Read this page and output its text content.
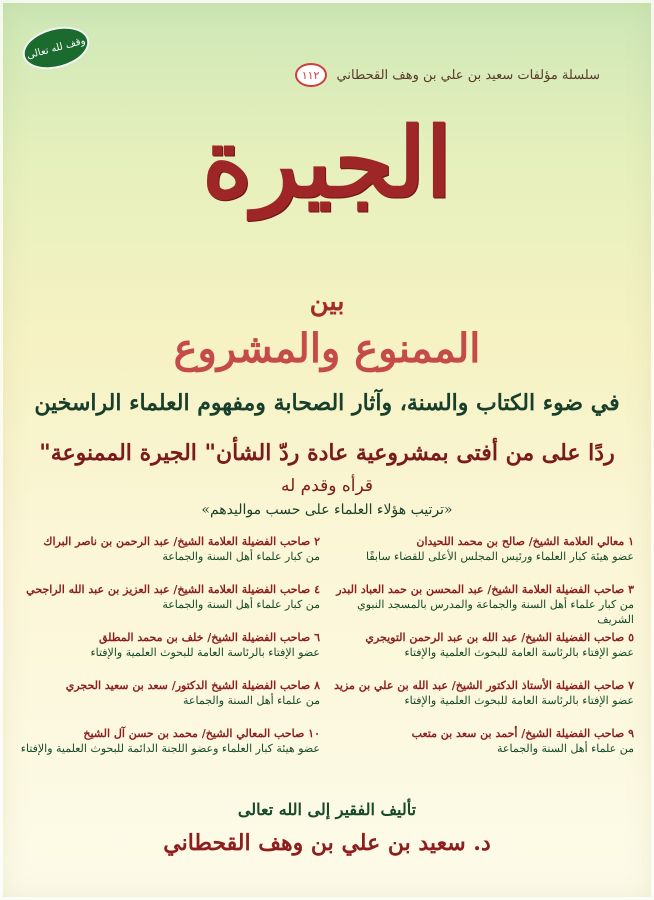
وقف لله تعالى
سلسلة مؤلفات سعيد بن علي بن وهف القحطاني
١١٢
الجيرة
بين
الممنوع والمشروع
في ضوء الكتاب والسنة، وآثار الصحابة ومفهوم العلماء الراسخين
ردًا على من أفتى بمشروعية عادة ردّ الشأن" الجيرة الممنوعة"
قرأه وقدم له
«ترتيب هؤلاء العلماء على حسب مواليدهم»
١ معالي العلامة الشيخ/ صالح بن محمد اللحيدان
عضو هيئة كبار العلماء ورئيس المجلس الأعلى للقضاء سابقًا
٢ صاحب الفضيلة العلامة الشيخ/ عبد الرحمن بن ناصر البراك
من كبار علماء أهل السنة والجماعة
٣ صاحب الفضيلة العلامة الشيخ/ عبد المحسن بن حمد العباد البدر
من كبار علماء أهل السنة والجماعة والمدرس بالمسجد النبوي الشريف
٤ صاحب الفضيلة العلامة الشيخ/ عبد العزيز بن عبد الله الراجحي
من كبار علماء أهل السنة والجماعة
٥ صاحب الفضيلة الشيخ/ عبد الله بن عبد الرحمن التويجري
عضو الإفتاء بالرئاسة العامة للبحوث العلمية والإفتاء
٦ صاحب الفضيلة الشيخ/ خلف بن محمد المطلق
عضو الإفتاء بالرئاسة العامة للبحوث العلمية والإفتاء
٧ صاحب الفضيلة الأستاذ الدكتور الشيخ/ عبد الله بن علي بن مزيد
عضو الإفتاء بالرئاسة العامة للبحوث العلمية والإفتاء
٨ صاحب الفضيلة الشيخ الدكتور/ سعد بن سعيد الحجري
من علماء أهل السنة والجماعة
٩ صاحب الفضيلة الشيخ/ أحمد بن سعد بن متعب
من علماء أهل السنة والجماعة
١٠ صاحب المعالي الشيخ/ محمد بن حسن آل الشيخ
عضو هيئة كبار العلماء وعضو اللجنة الدائمة للبحوث العلمية والإفتاء
تأليف الفقير إلى الله تعالى
د. سعيد بن علي بن وهف القحطاني
